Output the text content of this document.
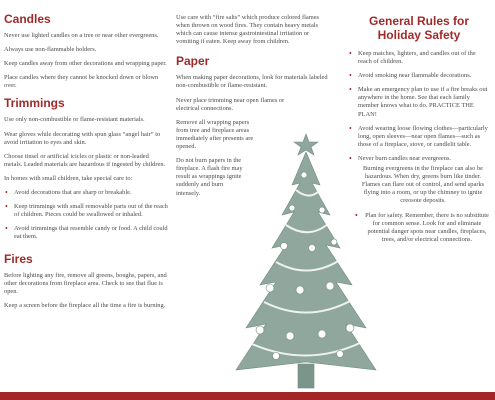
Candles

Never use lighted candles on a tree or near other evergreens.

Always use non-flammable holders.

Keep candles away from other decorations and wrapping paper.

Place candles where they cannot be knocked down or blown over.

Trimmings

Use only non-combustible or flame-resistant materials.

Wear gloves while decorating with spun glass “angel hair” to avoid irritation to eyes and skin.

Choose tinsel or artificial icicles or plastic or non-leaded metals. Leaded materials are hazardous if ingested by children.

In homes with small children, take special care to:

• Avoid decorations that are sharp or breakable.
• Keep trimmings with small removable parts out of the reach of children. Pieces could be swallowed or inhaled.
• Avoid trimmings that resemble candy or food. A child could eat them.
Fires

Before lighting any fire, remove all greens, boughs, papers, and other decorations from fireplace area. Check to see that flue is open.

Keep a screen before the fireplace all the time a fire is burning.

Use care with “fire salts” which produce colored flames when thrown on wood fires. They contain heavy metals which can cause intense gastrointestinal irritation or vomiting if eaten. Keep away from children.

Paper

When making paper decorations, look for materials labeled non-combustible or flame-resistant.

Never place trimming near open flames or electrical connections.

Remove all wrapping papers from tree and fireplace areas immediately after presents are opened.

Do not burn papers in the fireplace. A flash fire may result as wrappings ignite suddenly and burn intensely.

General Rules for
Holiday Safety
• Keep matches, lighters, and candles out of the reach of children.
• Avoid smoking near flammable decorations.
• Make an emergency plan to use if a fire breaks out anywhere in the home. See that each family member knows what to do. PRACTICE THE PLAN!
• Avoid wearing loose flowing clothes—particularly long, open sleeves—near open flames—such as those of a fireplace, stove, or candlelit table.
• Never burn candles near evergreens.

Burning evergreens in the fireplace can also be hazardous. When dry, greens burn like tinder. Flames can flare out of control, and send sparks flying into a room, or up the chimney to ignite creosote deposits.

• Plan for safety. Remember, there is no substitute for common sense. Look for and eliminate potential danger spots near candles, fireplaces, trees, and/or electrical connections.
